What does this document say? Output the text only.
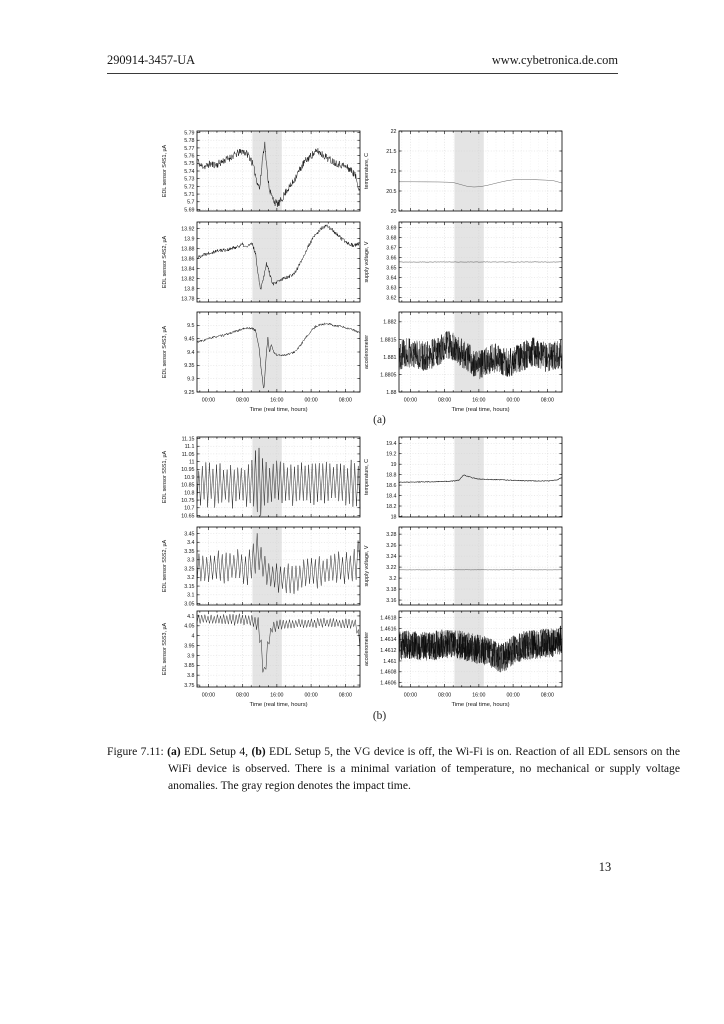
290914-3457-UA	www.cybetronica.de.com
5.79
5.78
5.77
5.76
5.75
5.74
5.73
5.72
5.71
5.7
5.69
EDL sensor S4S1, µA
22
21.5
21
20.5
20
temperature, C
13.92
13.9
13.88
13.86
13.84
13.82
13.8
13.78
EDL sensor S4S2, µA
3.69
3.68
3.67
3.66
3.65
3.64
3.63
3.62
supply voltage, V
9.5
9.45
9.4
9.35
9.3
9.25
EDL sensor S4S3, µA
00:00	08:00	16:00	00:00	08:00
Time (real time, hours)
1.882
1.8815
1.881
1.8805
1.88
accelerometer
00:00	08:00	16:00	00:00	08:00
Time (real time, hours)
11.15
11.1
11.05
11
10.95
10.9
10.85
10.8
10.75
10.7
10.65
EDL sensor S5S1, µA
19.4
19.2
19
18.8
18.6
18.4
18.2
18
temperature, C
3.45
3.4
3.35
3.3
3.25
3.2
3.15
3.1
3.05
EDL sensor S5S2, µA
3.28
3.26
3.24
3.22
3.2
3.18
3.16
supply voltage, V
4.1
4.05
4
3.95
3.9
3.85
3.8
3.75
EDL sensor S5S3, µA
00:00	08:00	16:00	00:00	08:00
Time (real time, hours)
1.4618
1.4616
1.4614
1.4612
1.461
1.4608
1.4606
accelerometer
00:00	08:00	16:00	00:00	08:00
Time (real time, hours)
(a)
(b)
Figure 7.11: (a) EDL Setup 4, (b) EDL Setup 5, the VG device is off, the Wi-Fi is on. Reaction of all EDL sensors on the WiFi device is observed. There is a minimal variation of temperature, no mechanical or supply voltage anomalies. The gray region denotes the impact time.
13
